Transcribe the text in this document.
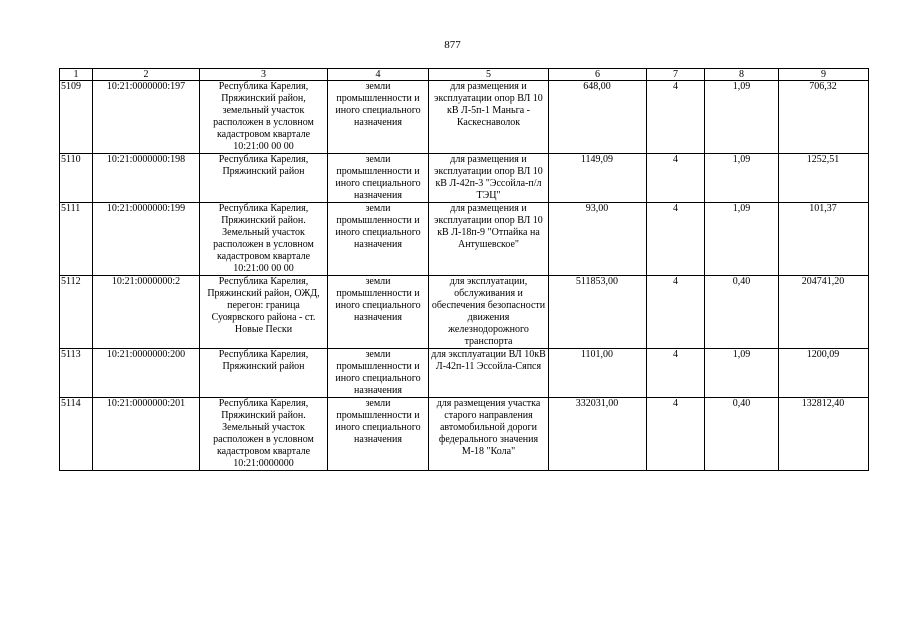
877
1	2	3	4	5	6	7	8	9
5109	10:21:0000000:197	Республика Карелия, Пряжинский район, земельный участок расположен в условном кадастровом квартале 10:21:00 00 00	земли промышленности и иного специального назначения	для размещения и эксплуатации опор ВЛ 10 кВ Л-5п-1 Маньга - Каскеснаволок	648,00	4	1,09	706,32
5110	10:21:0000000:198	Республика Карелия, Пряжинский район	земли промышленности и иного специального назначения	для размещения и эксплуатации опор ВЛ 10 кВ Л-42п-3 "Эссойла-п/л ТЭЦ"	1149,09	4	1,09	1252,51
5111	10:21:0000000:199	Республика Карелия, Пряжинский район. Земельный участок расположен в условном кадастровом квартале 10:21:00 00 00	земли промышленности и иного специального назначения	для размещения и эксплуатации опор ВЛ 10 кВ Л-18п-9 "Отпайка на Антушевское"	93,00	4	1,09	101,37
5112	10:21:0000000:2	Республика Карелия, Пряжинский район, ОЖД, перегон: граница Суоярвского района - ст. Новые Пески	земли промышленности и иного специального назначения	для эксплуатации, обслуживания и обеспечения безопасности движения железнодорожного транспорта	511853,00	4	0,40	204741,20
5113	10:21:0000000:200	Республика Карелия, Пряжинский район	земли промышленности и иного специального назначения	для эксплуатации ВЛ 10кВ Л-42п-11 Эссойла-Сяпся	1101,00	4	1,09	1200,09
5114	10:21:0000000:201	Республика Карелия, Пряжинский район. Земельный участок расположен в условном кадастровом квартале 10:21:0000000	земли промышленности и иного специального назначения	для размещения участка старого направления автомобильной дороги федерального значения М-18 "Кола"	332031,00	4	0,40	132812,40
